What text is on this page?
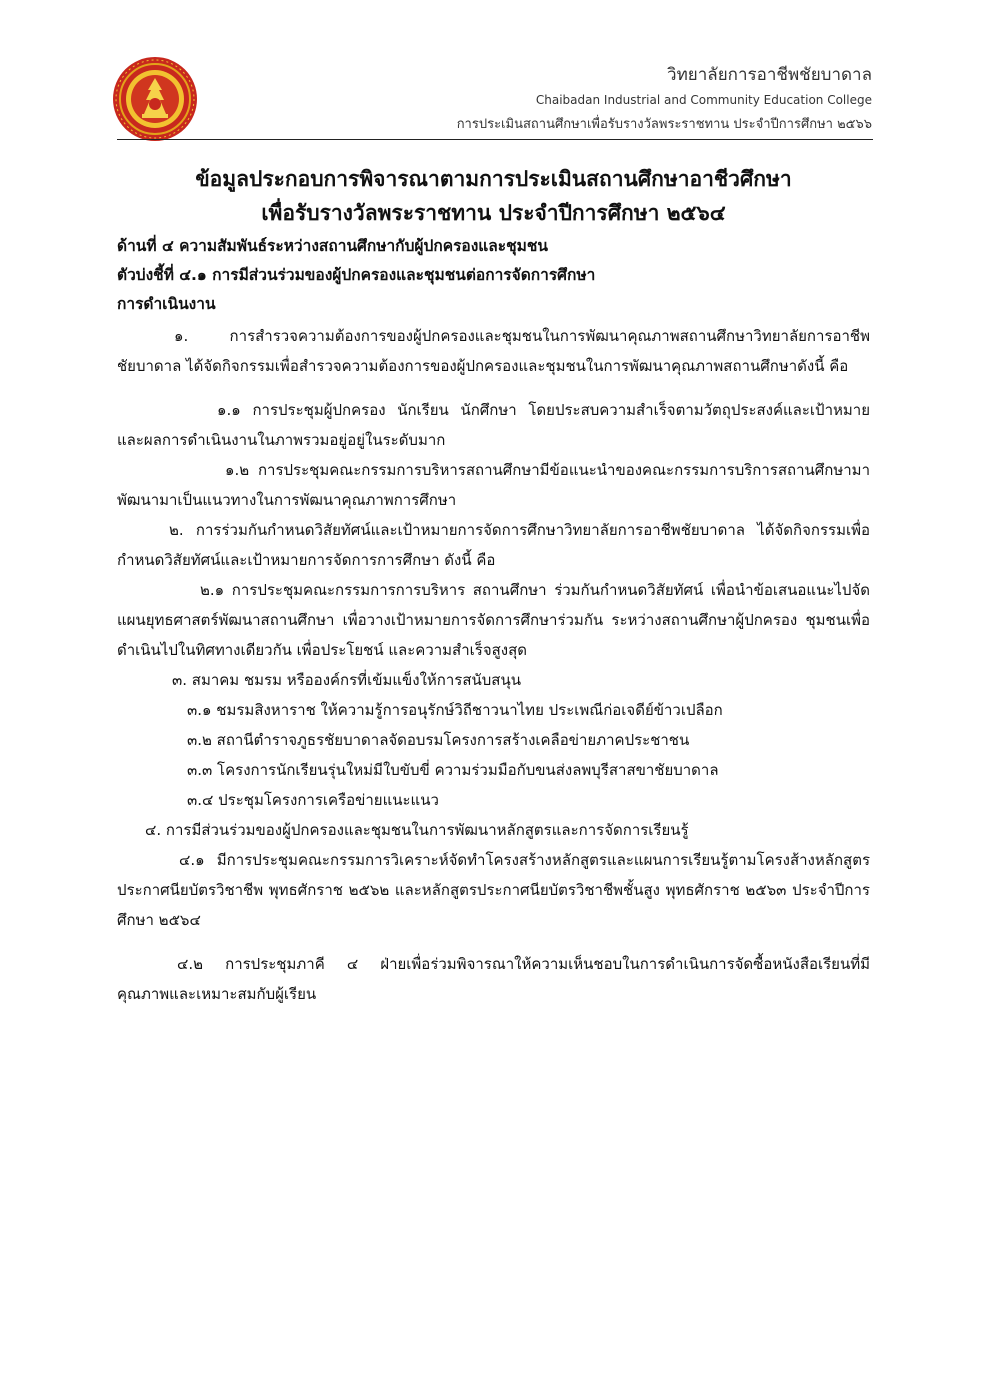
วิทยาลัยการอาชีพชัยบาดาล
Chaibadan Industrial and Community Education College
การประเมินสถานศึกษาเพื่อรับรางวัลพระราชทาน ประจำปีการศึกษา ๒๕๖๖
ข้อมูลประกอบการพิจารณาตามการประเมินสถานศึกษาอาชีวศึกษา
เพื่อรับรางวัลพระราชทาน ประจำปีการศึกษา ๒๕๖๔
ด้านที่ ๔ ความสัมพันธ์ระหว่างสถานศึกษากับผู้ปกครองและชุมชน
ตัวบ่งชี้ที่ ๔.๑ การมีส่วนร่วมของผู้ปกครองและชุมชนต่อการจัดการศึกษา
การดำเนินงาน

๑. การสำรวจความต้องการของผู้ปกครองและชุมชนในการพัฒนาคุณภาพสถานศึกษาวิทยาลัยการอาชีพชัยบาดาล ได้จัดกิจกรรมเพื่อสำรวจความต้องการของผู้ปกครองและชุมชนในการพัฒนาคุณภาพสถานศึกษาดังนี้ คือ

๑.๑ การประชุมผู้ปกครอง นักเรียน นักศึกษา โดยประสบความสำเร็จตามวัตถุประสงค์และเป้าหมาย และผลการดำเนินงานในภาพรวมอยู่อยู่ในระดับมาก

๑.๒ การประชุมคณะกรรมการบริหารสถานศึกษามีข้อแนะนำของคณะกรรมการบริการสถานศึกษามาพัฒนามาเป็นแนวทางในการพัฒนาคุณภาพการศึกษา

๒. การร่วมกันกำหนดวิสัยทัศน์และเป้าหมายการจัดการศึกษาวิทยาลัยการอาชีพชัยบาดาล ได้จัดกิจกรรมเพื่อกำหนดวิสัยทัศน์และเป้าหมายการจัดการการศึกษา ดังนี้ คือ

๒.๑ การประชุมคณะกรรมการการบริหาร สถานศึกษา ร่วมกันกำหนดวิสัยทัศน์ เพื่อนำข้อเสนอแนะไปจัดแผนยุทธศาสตร์พัฒนาสถานศึกษา เพื่อวางเป้าหมายการจัดการศึกษาร่วมกัน ระหว่างสถานศึกษาผู้ปกครอง ชุมชนเพื่อดำเนินไปในทิศทางเดียวกัน เพื่อประโยชน์ และความสำเร็จสูงสุด

๓. สมาคม ชมรม หรือองค์กรที่เข้มแข็งให้การสนับสนุน

๓.๑ ชมรมสิงหาราช ให้ความรู้การอนุรักษ์วิถีชาวนาไทย ประเพณีก่อเจดีย์ข้าวเปลือก

๓.๒ สถานีตำราจภูธรชัยบาดาลจัดอบรมโครงการสร้างเคลือข่ายภาคประชาชน

๓.๓ โครงการนักเรียนรุ่นใหม่มีใบขับขี่ ความร่วมมือกับขนส่งลพบุรีสาสขาชัยบาดาล

๓.๔ ประชุมโครงการเครือข่ายแนะแนว

๔. การมีส่วนร่วมของผู้ปกครองและชุมชนในการพัฒนาหลักสูตรและการจัดการเรียนรู้

๔.๑ มีการประชุมคณะกรรมการวิเคราะห์จัดทำโครงสร้างหลักสูตรและแผนการเรียนรู้ตามโครงส้างหลักสูตรประกาศนียบัตรวิชาชีพ พุทธศักราช ๒๕๖๒ และหลักสูตรประกาศนียบัตรวิชาชีพชั้นสูง พุทธศักราช ๒๕๖๓ ประจำปีการศึกษา ๒๕๖๔

๔.๒ การประชุมภาคี ๔ ฝ่ายเพื่อร่วมพิจารณาให้ความเห็นชอบในการดำเนินการจัดซื้อหนังสือเรียนที่มีคุณภาพและเหมาะสมกับผู้เรียน
